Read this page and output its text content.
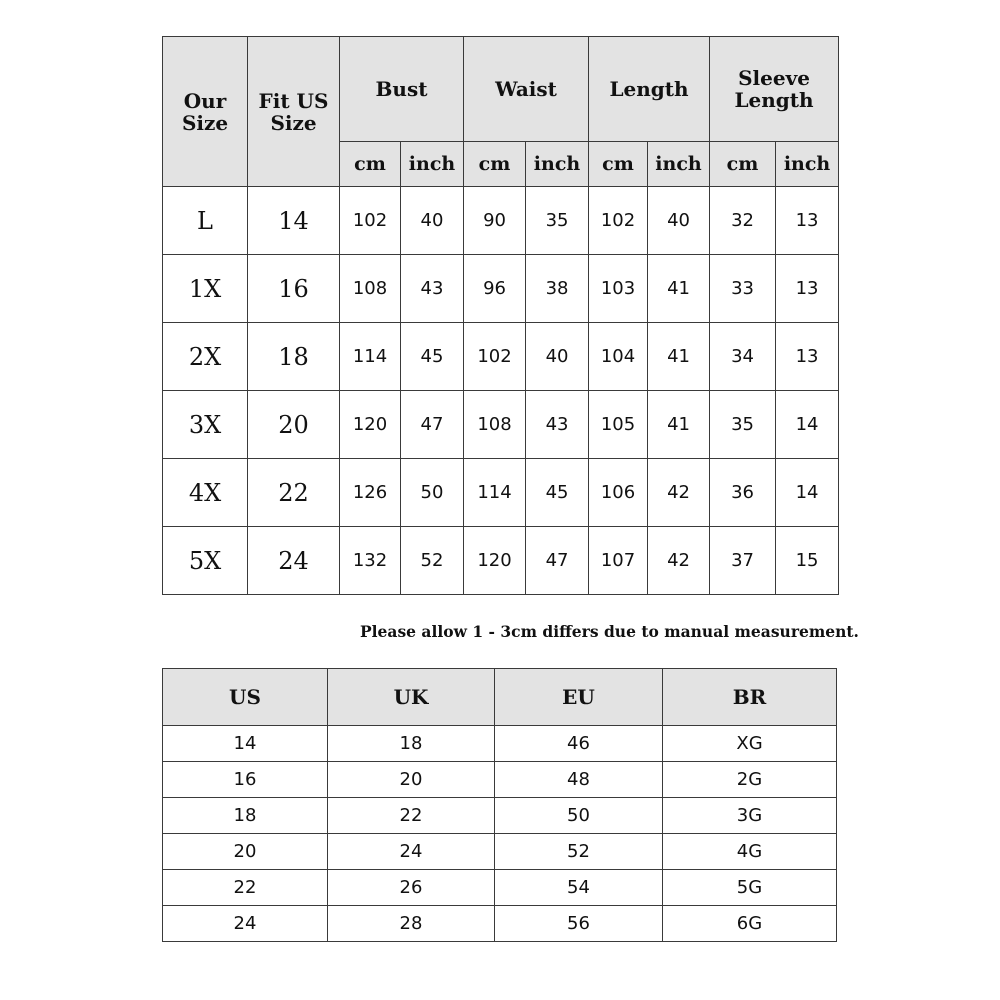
Our Size	Fit US Size	Bust		Waist		Length		Sleeve Length	
		cm	inch	cm	inch	cm	inch	cm	inch
L	14	102	40	90	35	102	40	32	13
1X	16	108	43	96	38	103	41	33	13
2X	18	114	45	102	40	104	41	34	13
3X	20	120	47	108	43	105	41	35	14
4X	22	126	50	114	45	106	42	36	14
5X	24	132	52	120	47	107	42	37	15
Please allow 1 - 3cm differs due to manual measurement.
US	UK	EU	BR
14	18	46	XG
16	20	48	2G
18	22	50	3G
20	24	52	4G
22	26	54	5G
24	28	56	6G
